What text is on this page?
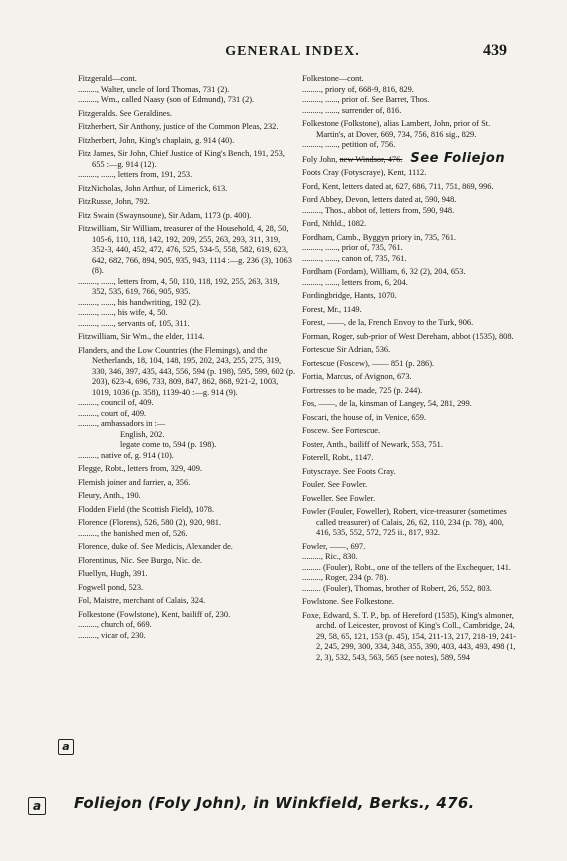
GENERAL INDEX.	439

Fitzgerald—cont.

........., Walter, uncle of lord Thomas, 731 (2).

........., Wm., called Naasy (son of Edmund), 731 (2).

Fitzgeralds. See Geraldines.

Fitzherbert, Sir Anthony, justice of the Common Pleas, 232.

Fitzherbert, John, King's chaplain, g. 914 (40).

Fitz James, Sir John, Chief Justice of King's Bench, 191, 253, 655 :—g. 914 (12).

........., ......, letters from, 191, 253.

FitzNicholas, John Arthur, of Limerick, 613.

FitzRusse, John, 792.

Fitz Swain (Swaynsoune), Sir Adam, 1173 (p. 400).

Fitzwilliam, Sir William, treasurer of the Household, 4, 28, 50, 105-6, 110, 118, 142, 192, 209, 255, 263, 293, 311, 319, 352-3, 440, 452, 472, 476, 525, 534-5, 558, 582, 619, 623, 642, 682, 766, 894, 905, 935, 943, 1114 :—g. 236 (3), 1063 (8).

........., ......, letters from, 4, 50, 110, 118, 192, 255, 263, 319, 352, 535, 619, 766, 905, 935.

........., ......, his handwriting, 192 (2).

........., ......, his wife, 4, 50.

........., ......, servants of, 105, 311.

Fitzwilliam, Sir Wm., the elder, 1114.

Flanders, and the Low Countries (the Flemings), and the Netherlands, 18, 104, 148, 195, 202, 243, 255, 275, 319, 330, 346, 397, 435, 443, 556, 594 (p. 198), 595, 599, 602 (p. 203), 623-4, 696, 733, 809, 847, 862, 868, 921-2, 1003, 1019, 1036 (p. 358), 1139-40 :—g. 914 (9).

........., council of, 409.

........., court of, 409.

........., ambassadors in :—

English, 202.

legate come to, 594 (p. 198).

........., native of, g. 914 (10).

Flegge, Robt., letters from, 329, 409.

Flemish joiner and farrier, a, 356.

Fleury, Anth., 190.

Flodden Field (the Scottish Field), 1078.

Florence (Florens), 526, 580 (2), 920, 981.

........., the banished men of, 526.

Florence, duke of. See Medicis, Alexander de.

Florentinus, Nic. See Burgo, Nic. de.

Fluellyn, Hugh, 391.

Fogwell pond, 523.

Fol, Maistre, merchant of Calais, 324.

Folkestone (Fowlstone), Kent, bailiff of, 230.

........., church of, 669.

........., vicar of, 230.

Folkestone—cont.

........., priory of, 668-9, 816, 829.

........., ......, prior of. See Barret, Thos.

........., ......, surrender of, 816.

Folkestone (Folkstone), alias Lambert, John, prior of St. Martin's, at Dover, 669, 734, 756, 816 sig., 829.

........., ......, petition of, 756.

Foly John, new Windsor, 476. See Foliejon

Foots Cray (Fotyscraye), Kent, 1112.

Ford, Kent, letters dated at, 627, 686, 711, 751, 869, 996.

Ford Abbey, Devon, letters dated at, 590, 948.

........., Thos., abbot of, letters from, 590, 948.

Ford, Nthld., 1082.

Fordham, Camb., Byggyn priory in, 735, 761.

........., ......, prior of, 735, 761.

........., ......, canon of, 735, 761.

Fordham (Fordam), William, 6, 32 (2), 204, 653.

........., ......, letters from, 6, 204.

Fordingbridge, Hants, 1070.

Forest, Mr., 1149.

Forest, ——, de la, French Envoy to the Turk, 906.

Forman, Roger, sub-prior of West Dereham, abbot (1535), 808.

Fortescue Sir Adrian, 536.

Fortescue (Foscew), —— 851 (p. 286).

Fortia, Marcus, of Avignon, 673.

Fortresses to be made, 725 (p. 244).

Fos, ——, de la, kinsman of Langey, 54, 281, 299.

Foscari, the house of, in Venice, 659.

Foscew. See Fortescue.

Foster, Anth., bailiff of Newark, 553, 751.

Foterell, Robt., 1147.

Fotyscraye. See Foots Cray.

Fouler. See Fowler.

Foweller. See Fowler.

Fowler (Fouler, Foweller), Robert, vice-treasurer (sometimes called treasurer) of Calais, 26, 62, 110, 234 (p. 78), 400, 416, 535, 552, 572, 725 ii., 817, 932.

Fowler, ——, 697.

........., Ric., 830.

......... (Fouler), Robt., one of the tellers of the Exchequer, 141.

........., Roger, 234 (p. 78).

......... (Fouler), Thomas, brother of Robert, 26, 552, 803.

Fowlstone. See Folkestone.

Foxe, Edward, S. T. P., bp. of Hereford (1535), King's almoner, archd. of Leicester, provost of King's Coll., Cambridge, 24, 29, 58, 65, 121, 153 (p. 45), 154, 211-13, 217, 218-19, 241-2, 245, 299, 300, 334, 348, 355, 390, 403, 443, 493, 498 (1, 2, 3), 532, 543, 563, 565 (see notes), 589, 594

a
a	Foliejon (Foly John), in Winkfield, Berks., 476.
